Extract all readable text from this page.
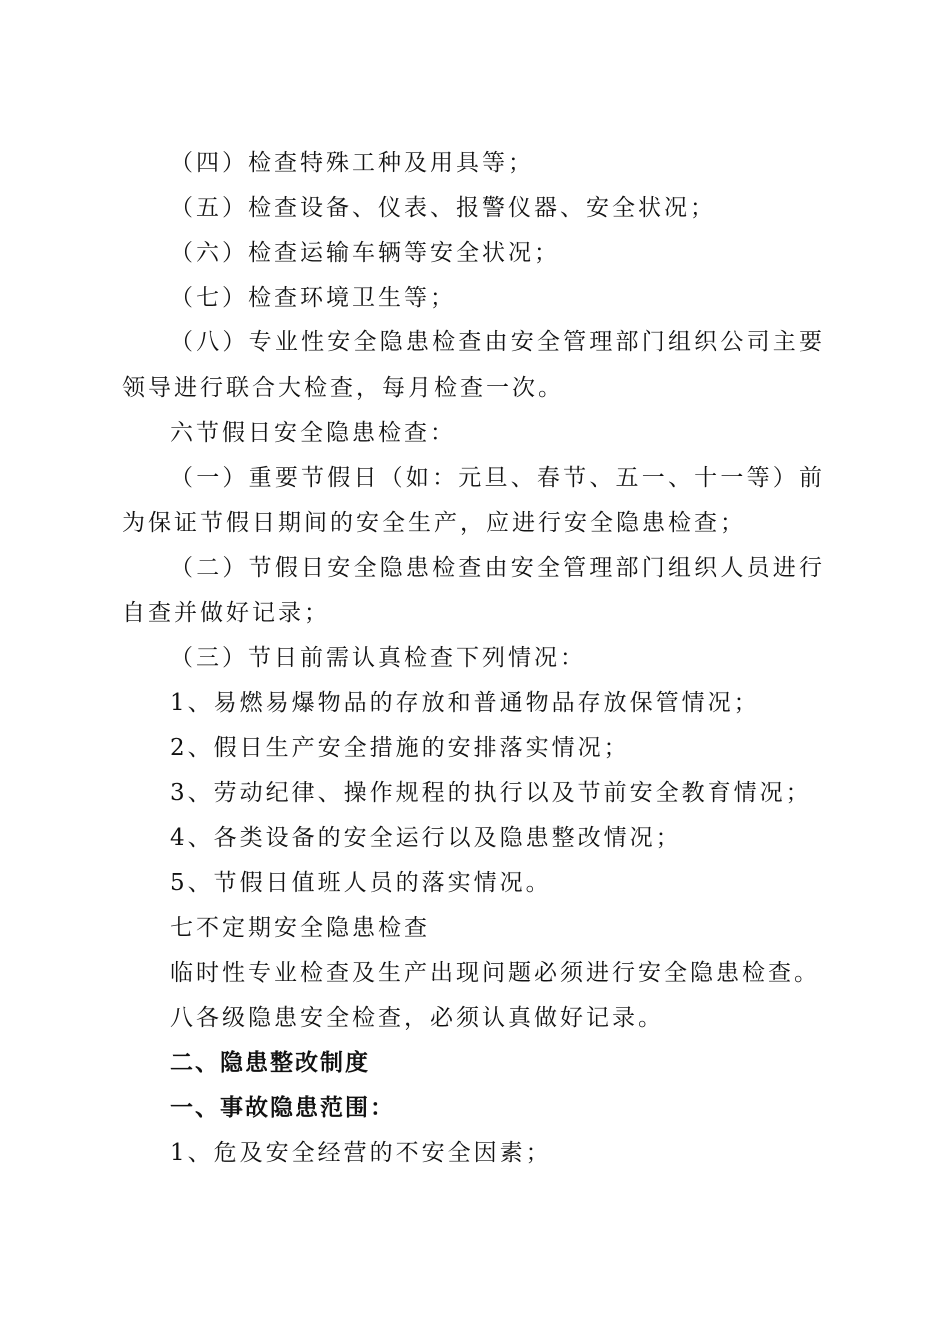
（四）检查特殊工种及用具等；
（五）检查设备、仪表、报警仪器、安全状况；
（六）检查运输车辆等安全状况；
（七）检查环境卫生等；
（八）专业性安全隐患检查由安全管理部门组织公司主要
领导进行联合大检查，每月检查一次。
六节假日安全隐患检查：
（一）重要节假日（如：元旦、春节、五一、十一等）前
为保证节假日期间的安全生产，应进行安全隐患检查；
（二）节假日安全隐患检查由安全管理部门组织人员进行
自查并做好记录；
（三）节日前需认真检查下列情况：
1、易燃易爆物品的存放和普通物品存放保管情况；
2、假日生产安全措施的安排落实情况；
3、劳动纪律、操作规程的执行以及节前安全教育情况；
4、各类设备的安全运行以及隐患整改情况；
5、节假日值班人员的落实情况。
七不定期安全隐患检查
临时性专业检查及生产出现问题必须进行安全隐患检查。
八各级隐患安全检查，必须认真做好记录。
二、隐患整改制度
一、事故隐患范围：
1、危及安全经营的不安全因素；
